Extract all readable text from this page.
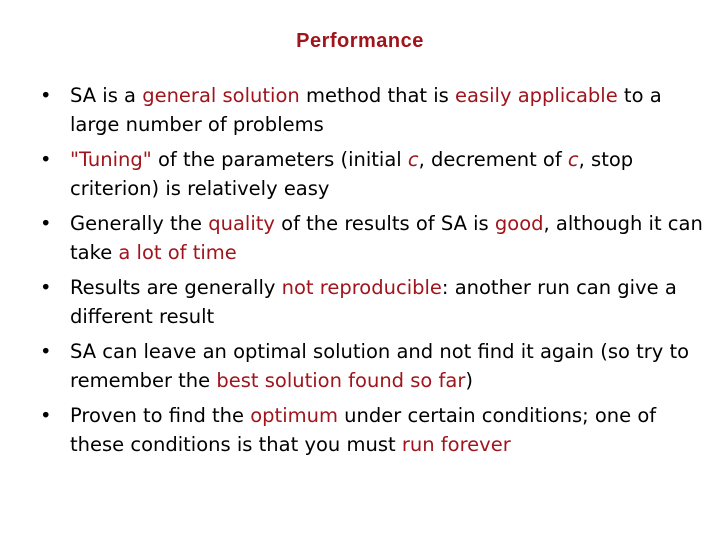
Performance
• SA is a general solution method that is easily applicable to a large number of problems
• "Tuning" of the parameters (initial c, decrement of c, stop criterion) is relatively easy
• Generally the quality of the results of SA is good, although it can take a lot of time
• Results are generally not reproducible: another run can give a different result
• SA can leave an optimal solution and not find it again (so try to remember the best solution found so far)
• Proven to find the optimum under certain conditions; one of these conditions is that you must run forever
